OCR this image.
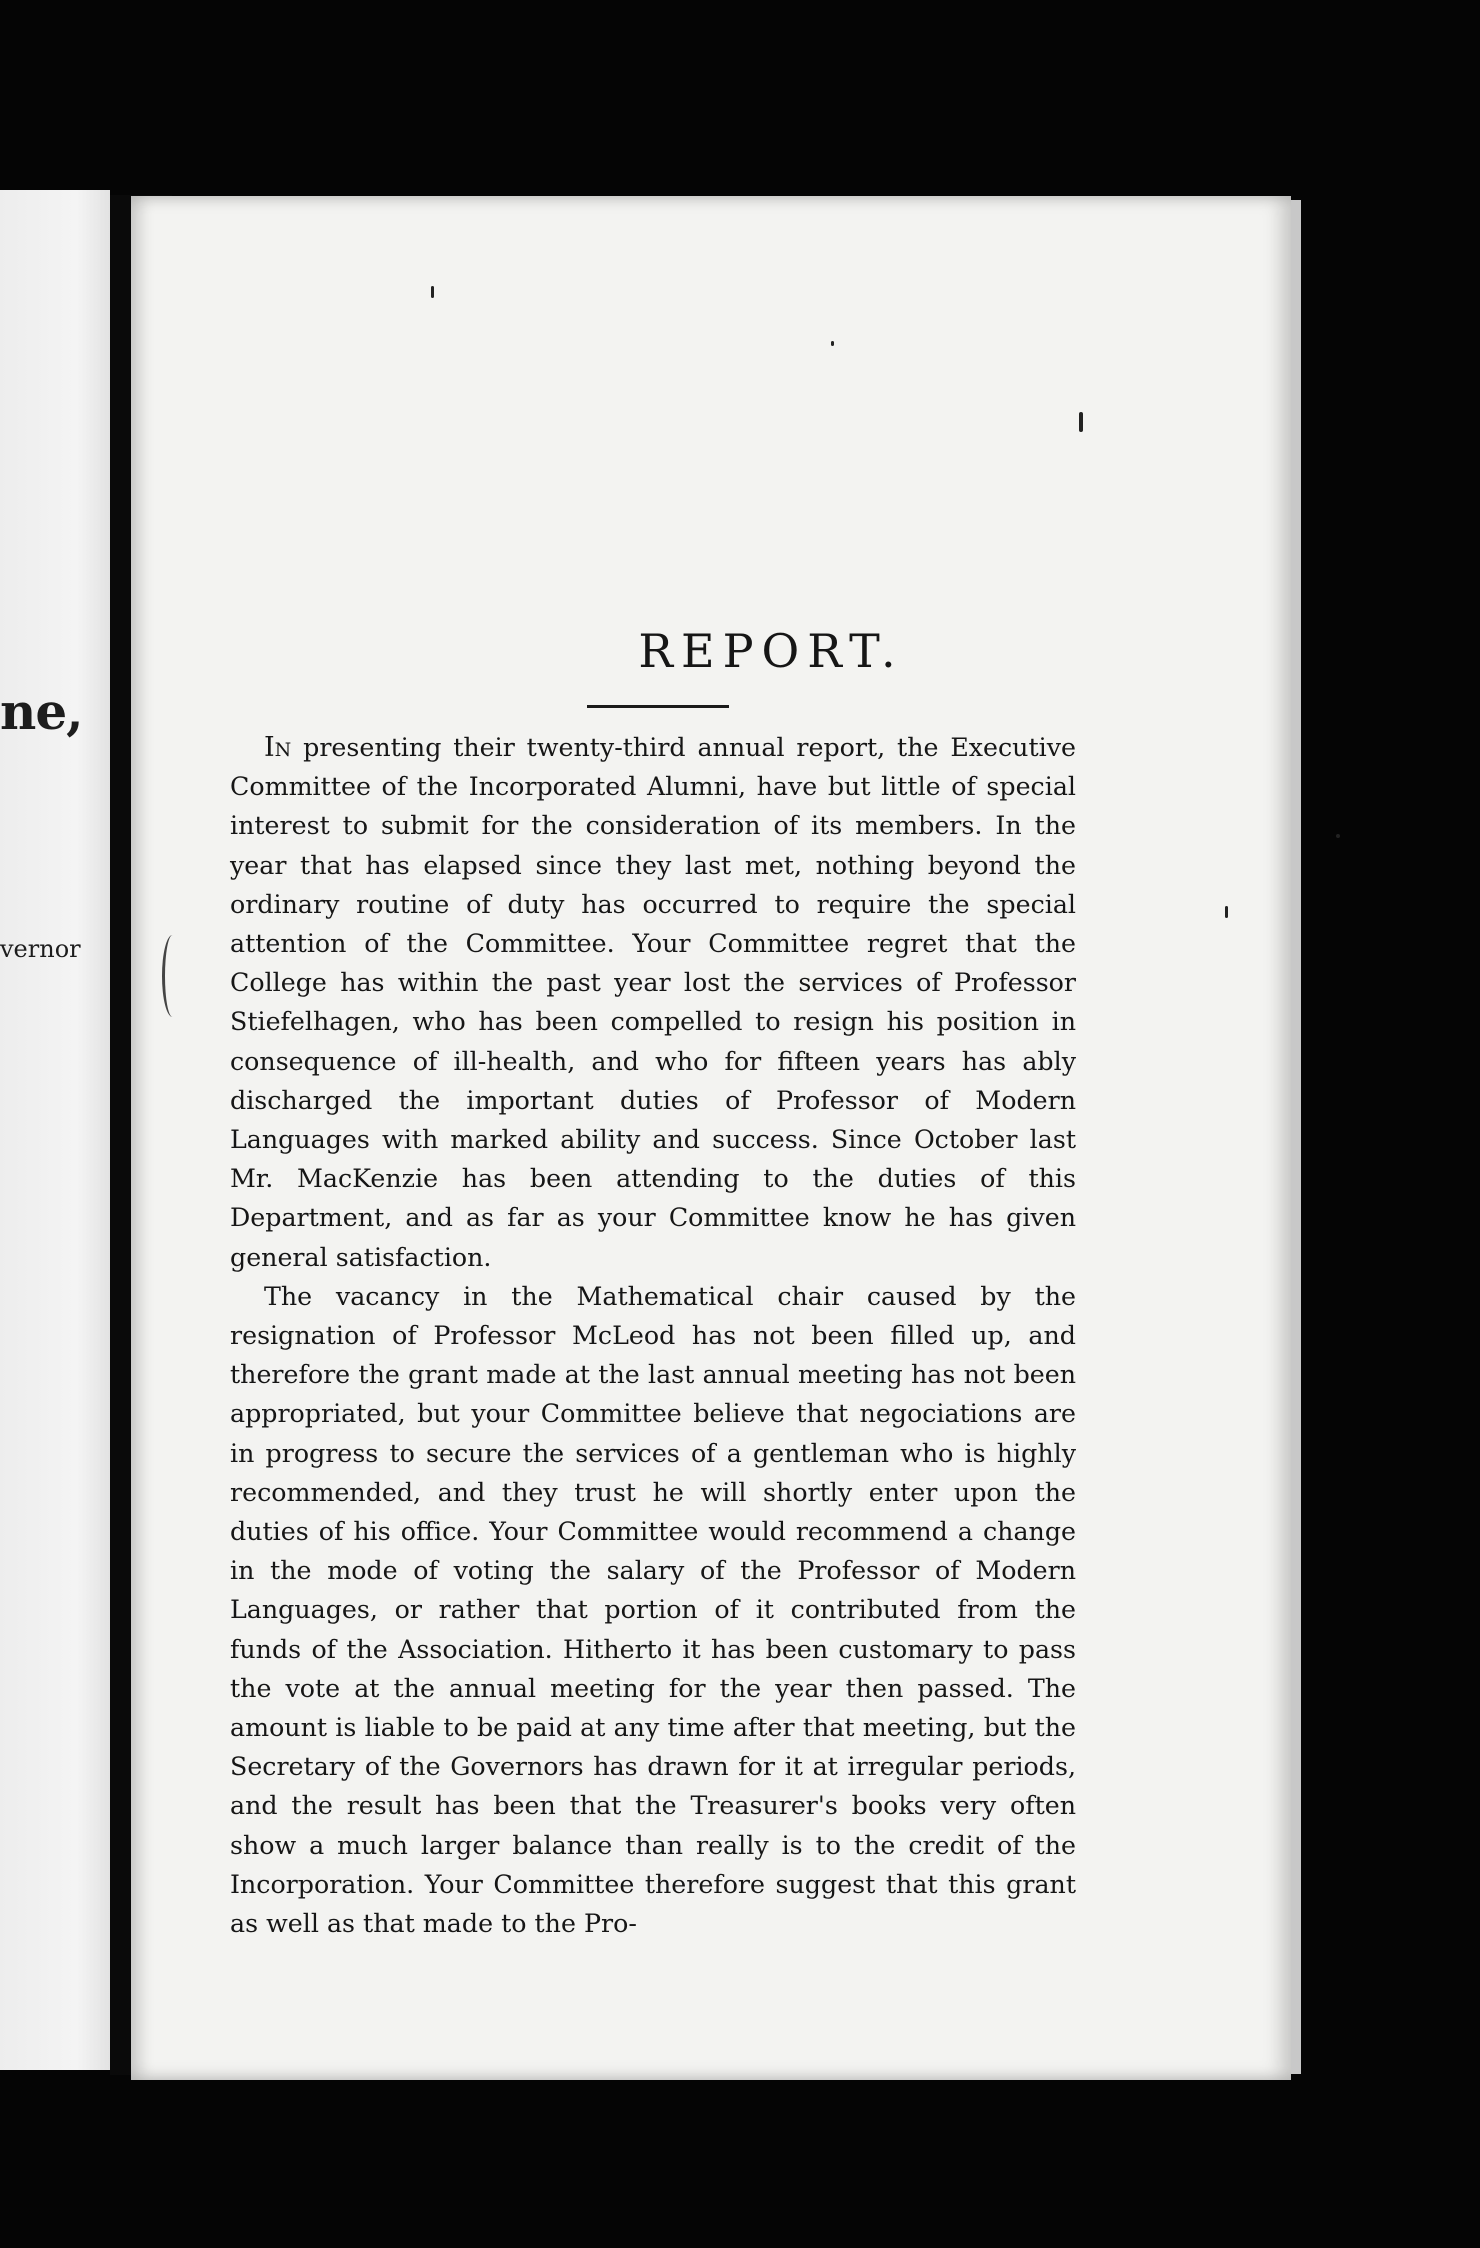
ne,
vernor
REPORT.

In presenting their twenty-third annual report, the Executive Committee of the Incorporated Alumni, have but little of special interest to submit for the consideration of its members. In the year that has elapsed since they last met, nothing beyond the ordinary routine of duty has occurred to require the special attention of the Committee. Your Committee regret that the College has within the past year lost the services of Professor Stiefelhagen, who has been compelled to resign his position in consequence of ill-health, and who for fifteen years has ably discharged the important duties of Professor of Modern Languages with marked ability and success. Since October last Mr. MacKenzie has been attending to the duties of this Department, and as far as your Committee know he has given general satisfaction.

The vacancy in the Mathematical chair caused by the resignation of Professor McLeod has not been filled up, and therefore the grant made at the last annual meeting has not been appropriated, but your Committee believe that negociations are in progress to secure the services of a gentleman who is highly recommended, and they trust he will shortly enter upon the duties of his office. Your Committee would recommend a change in the mode of voting the salary of the Professor of Modern Languages, or rather that portion of it contributed from the funds of the Association. Hitherto it has been customary to pass the vote at the annual meeting for the year then passed. The amount is liable to be paid at any time after that meeting, but the Secretary of the Governors has drawn for it at irregular periods, and the result has been that the Treasurer's books very often show a much larger balance than really is to the credit of the Incorporation. Your Committee therefore suggest that this grant as well as that made to the Pro-
